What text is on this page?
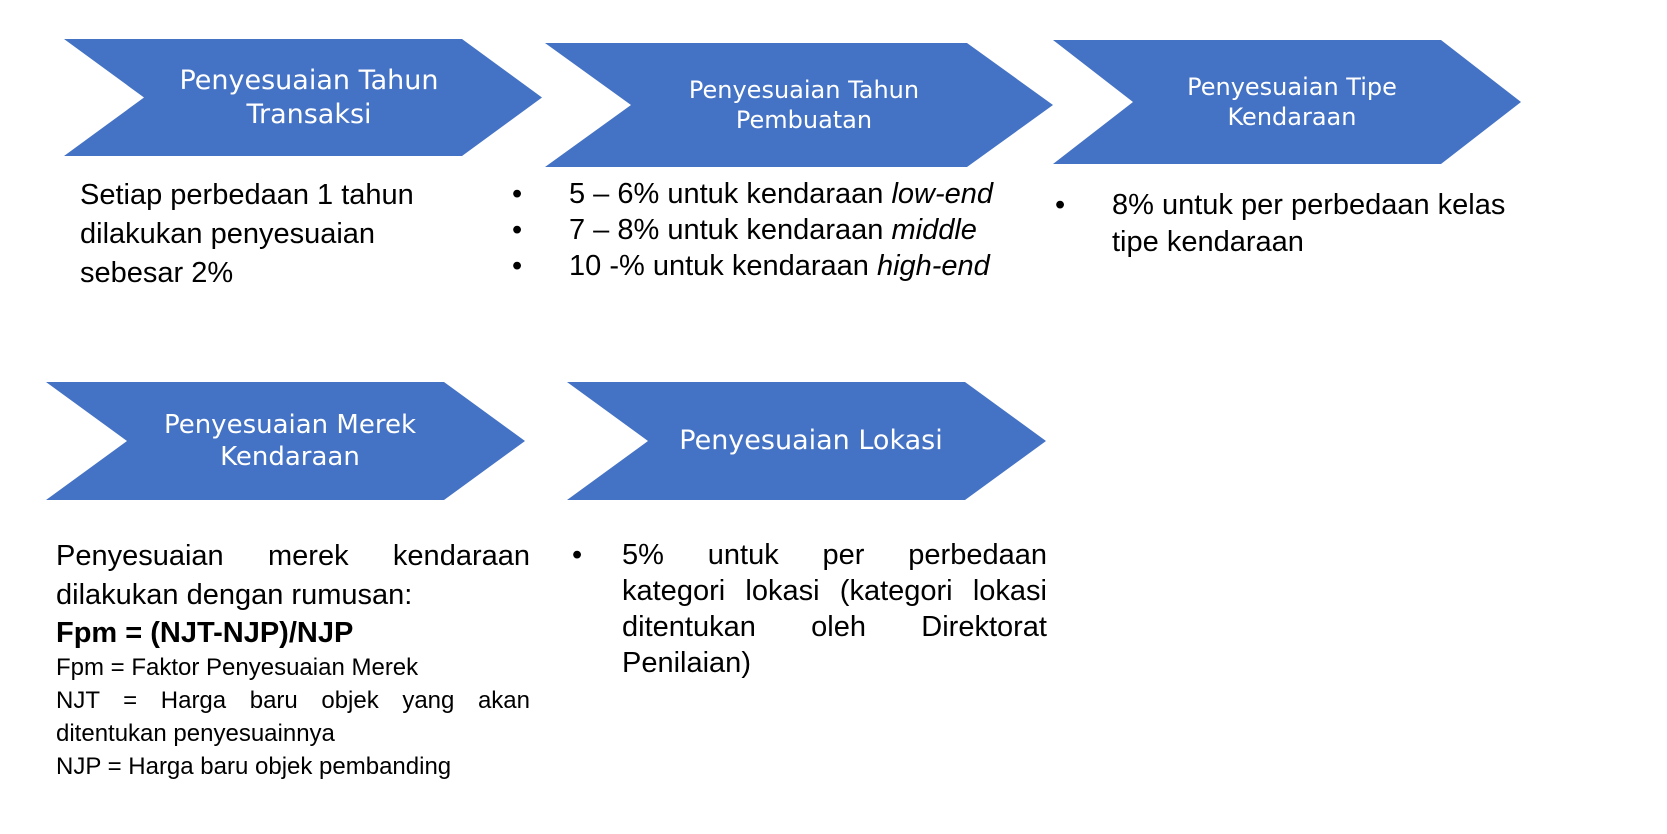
Penyesuaian Tahun
Transaksi
Penyesuaian Tahun
Pembuatan
Penyesuaian Tipe
Kendaraan
Penyesuaian Merek
Kendaraan
Penyesuaian Lokasi
Setiap perbedaan 1 tahun
dilakukan penyesuaian
sebesar 2%
• 5 – 6% untuk kendaraan low-end
• 7 – 8% untuk kendaraan middle
• 10 -% untuk kendaraan high-end
• 8% untuk per perbedaan kelas
tipe kendaraan
Penyesuaian merek kendaraan
dilakukan dengan rumusan:
Fpm = (NJT-NJP)/NJP
Fpm = Faktor Penyesuaian Merek
NJT = Harga baru objek yang akan
ditentukan penyesuainnya
NJP = Harga baru objek pembanding
• 5% untuk per perbedaan
kategori lokasi (kategori lokasi
ditentukan oleh Direktorat
Penilaian)
